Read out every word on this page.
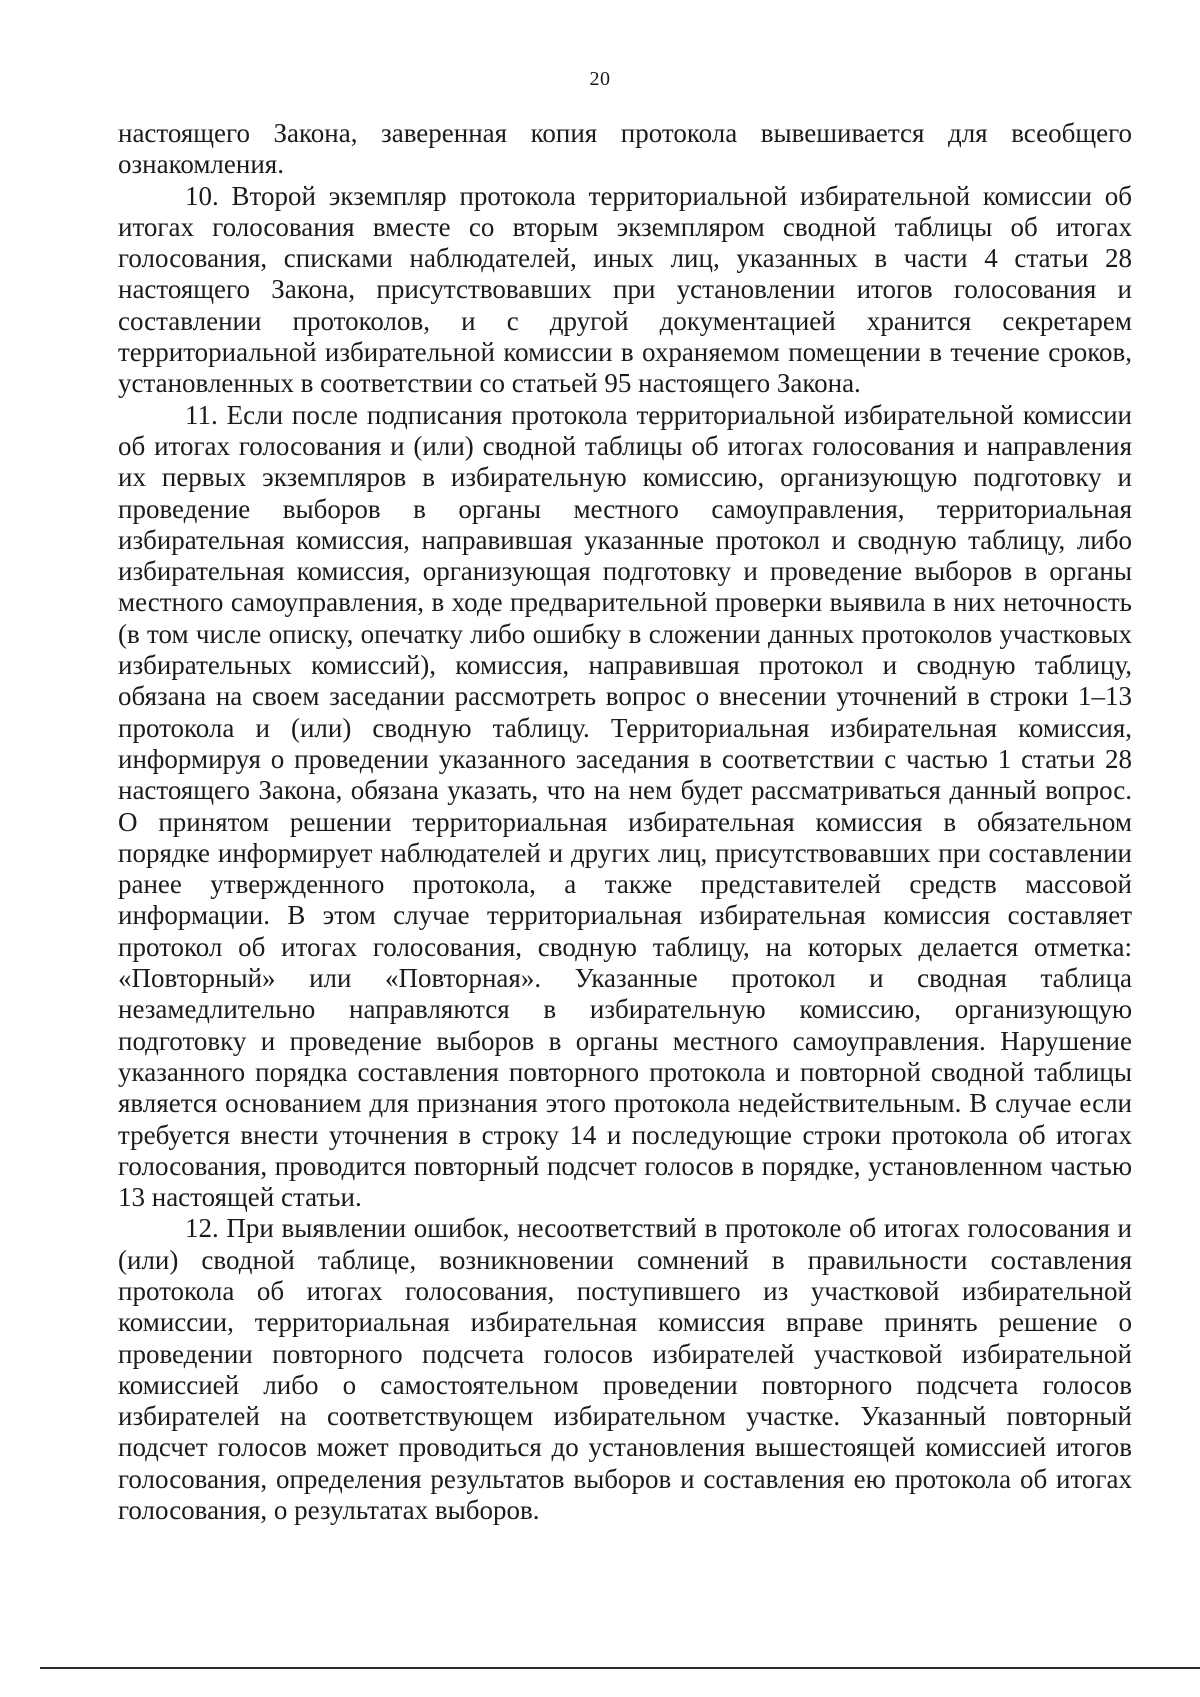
20

настоящего Закона, заверенная копия протокола вывешивается для всеобщего ознакомления.

10. Второй экземпляр протокола территориальной избирательной комиссии об итогах голосования вместе со вторым экземпляром сводной таблицы об итогах голосования, списками наблюдателей, иных лиц, указанных в части 4 статьи 28 настоящего Закона, присутствовавших при установлении итогов голосования и составлении протоколов, и с другой документацией хранится секретарем территориальной избирательной комиссии в охраняемом помещении в течение сроков, установленных в соответствии со статьей 95 настоящего Закона.

11. Если после подписания протокола территориальной избирательной комиссии об итогах голосования и (или) сводной таблицы об итогах голосования и направления их первых экземпляров в избирательную комиссию, организующую подготовку и проведение выборов в органы местного самоуправления, территориальная избирательная комиссия, направившая указанные протокол и сводную таблицу, либо избирательная комиссия, организующая подготовку и проведение выборов в органы местного самоуправления, в ходе предварительной проверки выявила в них неточность (в том числе описку, опечатку либо ошибку в сложении данных протоколов участковых избирательных комиссий), комиссия, направившая протокол и сводную таблицу, обязана на своем заседании рассмотреть вопрос о внесении уточнений в строки 1–13 протокола и (или) сводную таблицу. Территориальная избирательная комиссия, информируя о проведении указанного заседания в соответствии с частью 1 статьи 28 настоящего Закона, обязана указать, что на нем будет рассматриваться данный вопрос. О принятом решении территориальная избирательная комиссия в обязательном порядке информирует наблюдателей и других лиц, присутствовавших при составлении ранее утвержденного протокола, а также представителей средств массовой информации. В этом случае территориальная избирательная комиссия составляет протокол об итогах голосования, сводную таблицу, на которых делается отметка: «Повторный» или «Повторная». Указанные протокол и сводная таблица незамедлительно направляются в избирательную комиссию, организующую подготовку и проведение выборов в органы местного самоуправления. Нарушение указанного порядка составления повторного протокола и повторной сводной таблицы является основанием для признания этого протокола недействительным. В случае если требуется внести уточнения в строку 14 и последующие строки протокола об итогах голосования, проводится повторный подсчет голосов в порядке, установленном частью 13 настоящей статьи.

12. При выявлении ошибок, несоответствий в протоколе об итогах голосования и (или) сводной таблице, возникновении сомнений в правильности составления протокола об итогах голосования, поступившего из участковой избирательной комиссии, территориальная избирательная комиссия вправе принять решение о проведении повторного подсчета голосов избирателей участковой избирательной комиссией либо о самостоятельном проведении повторного подсчета голосов избирателей на соответствующем избирательном участке. Указанный повторный подсчет голосов может проводиться до установления вышестоящей комиссией итогов голосования, определения результатов выборов и составления ею протокола об итогах голосования, о результатах выборов.
